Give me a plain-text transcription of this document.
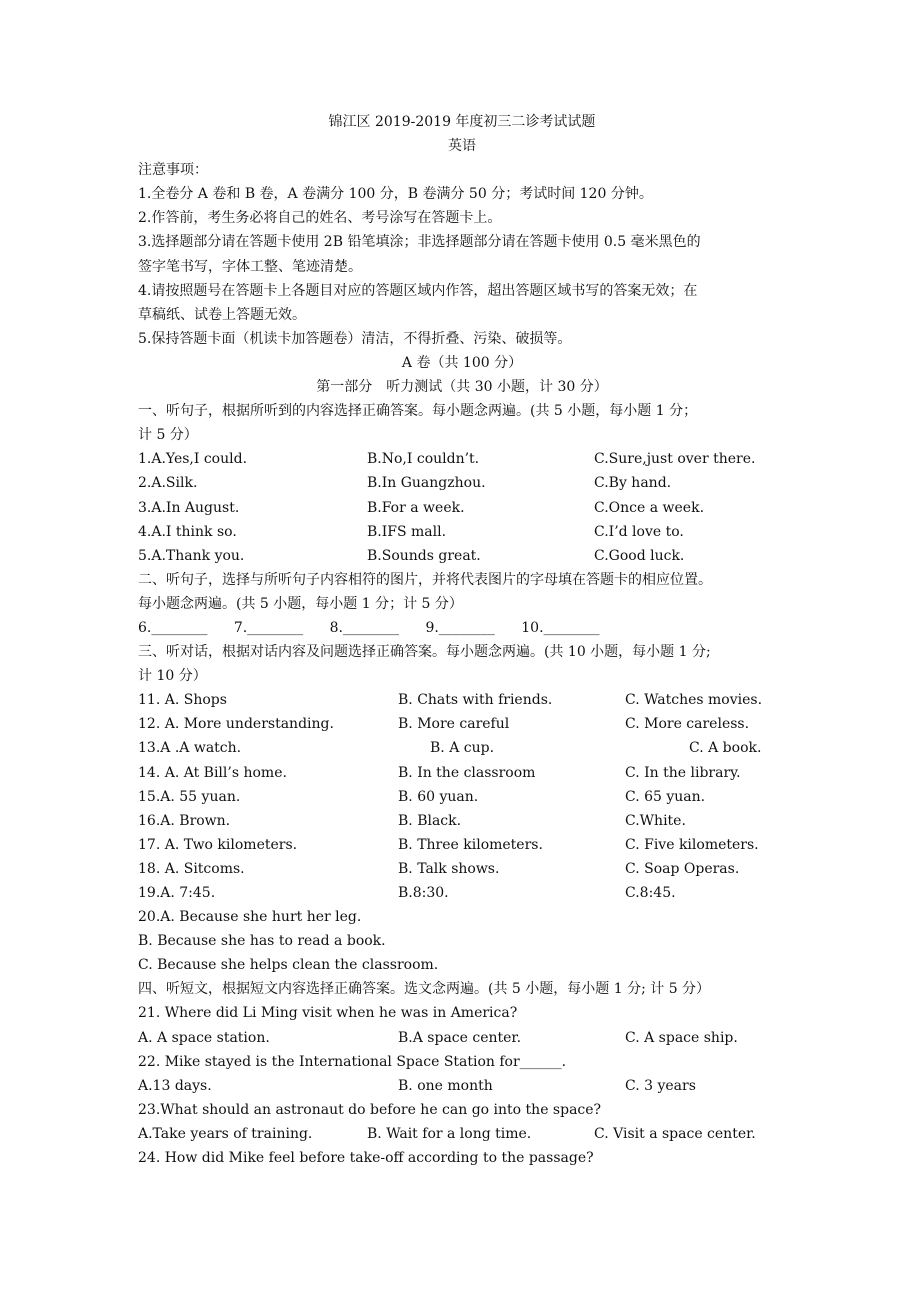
锦江区 2019-2019 年度初三二诊考试试题
英语
注意事项：
1.全卷分 A 卷和 B 卷，A 卷满分 100 分，B 卷满分 50 分；考试时间 120 分钟。
2.作答前，考生务必将自己的姓名、考号涂写在答题卡上。
3.选择题部分请在答题卡使用 2B 铅笔填涂；非选择题部分请在答题卡使用 0.5 毫米黑色的
签字笔书写，字体工整、笔迹清楚。
4.请按照题号在答题卡上各题目对应的答题区域内作答，超出答题区域书写的答案无效；在
草稿纸、试卷上答题无效。
5.保持答题卡面（机读卡加答题卷）清洁，不得折叠、污染、破损等。
A 卷（共 100 分）
第一部分　听力测试（共 30 小题，计 30 分）
一、听句子，根据所听到的内容选择正确答案。每小题念两遍。(共 5 小题，每小题 1 分；
计 5 分）
1.A.Yes,I could.	B.No,I couldn’t.	C.Sure,just over there.
2.A.Silk.	B.In Guangzhou.	C.By hand.
3.A.In August.	B.For a week.	C.Once a week.
4.A.I think so.	B.IFS mall.	C.I’d love to.
5.A.Thank you.	B.Sounds great.	C.Good luck.
二、听句子，选择与所听句子内容相符的图片，并将代表图片的字母填在答题卡的相应位置。
每小题念两遍。(共 5 小题，每小题 1 分；计 5 分）
6.________ 7.________ 8.________ 9.________ 10.________
三、听对话，根据对话内容及问题选择正确答案。每小题念两遍。(共 10 小题，每小题 1 分;
计 10 分）
11. A. Shops	B. Chats with friends.	C. Watches movies.
12. A. More understanding.	B. More careful	C. More careless.
13.A .A watch.	B. A cup.	C. A book.
14. A. At Bill’s home.	B. In the classroom	C. In the library.
15.A. 55 yuan.	B. 60 yuan.	C. 65 yuan.
16.A. Brown.	B. Black.	C.White.
17. A. Two kilometers.	B. Three kilometers.	C. Five kilometers.
18. A. Sitcoms.	B. Talk shows.	C. Soap Operas.
19.A. 7:45.	B.8:30.	C.8:45.
20.A. Because she hurt her leg.
B. Because she has to read a book.
C. Because she helps clean the classroom.
四、听短文，根据短文内容选择正确答案。选文念两遍。(共 5 小题，每小题 1 分; 计 5 分）
21. Where did Li Ming visit when he was in America?
A. A space station.	B.A space center.	C. A space ship.
22. Mike stayed is the International Space Station for______.
A.13 days.	B. one month	C. 3 years
23.What should an astronaut do before he can go into the space?
A.Take years of training.	B. Wait for a long time.	C. Visit a space center.
24. How did Mike feel before take-off according to the passage?
